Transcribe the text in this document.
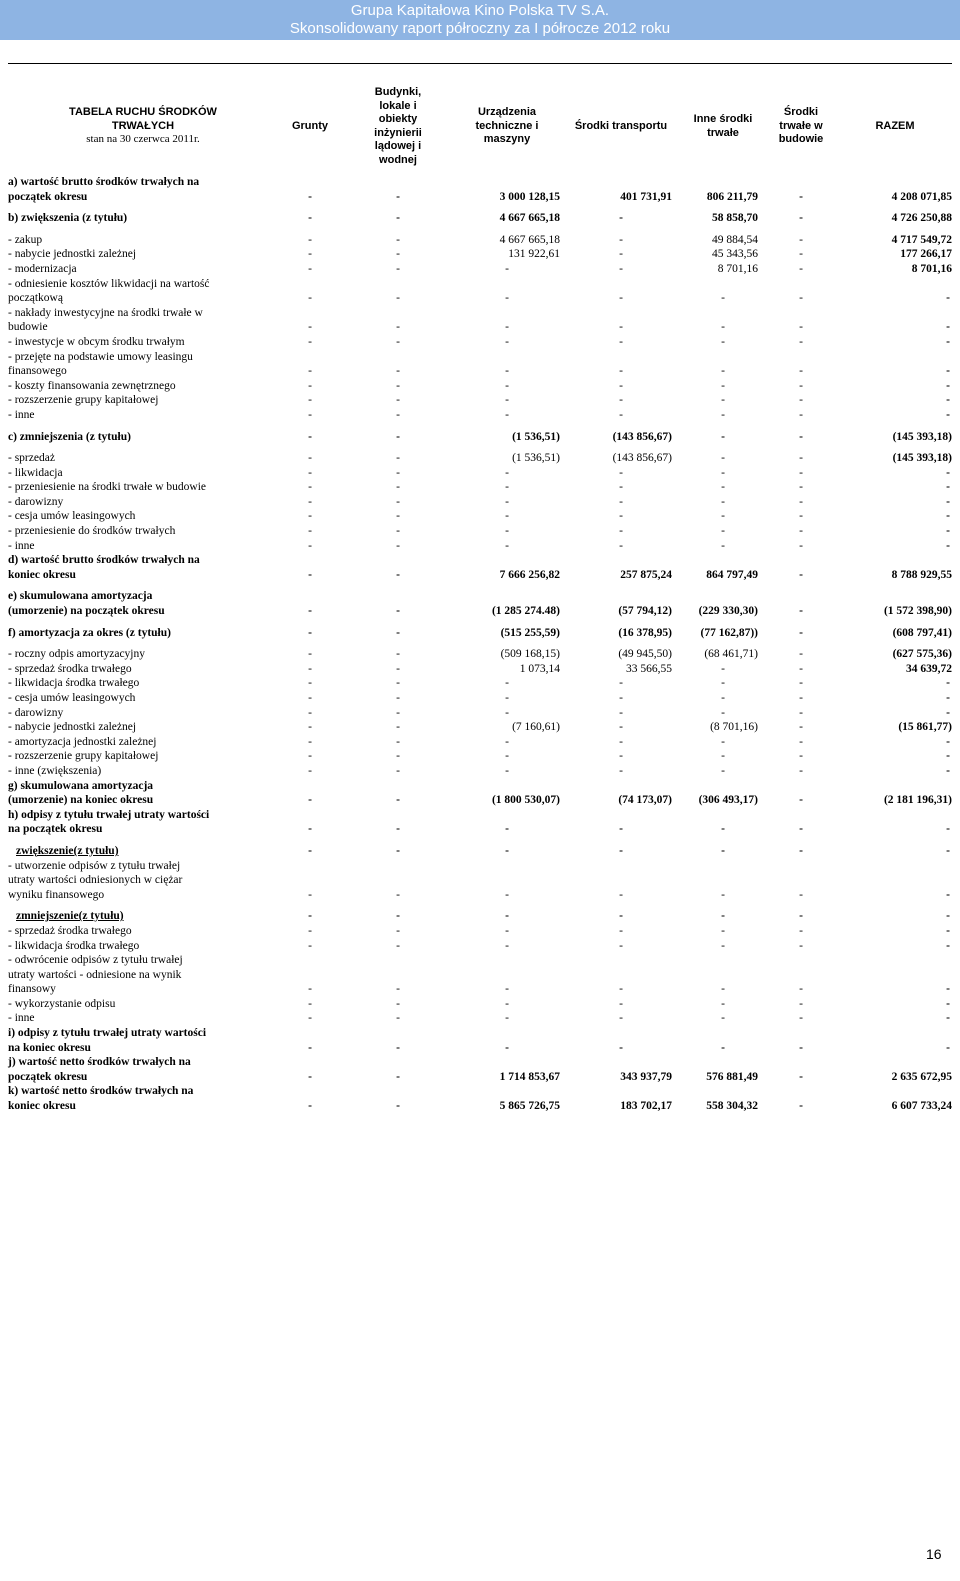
Grupa Kapitałowa Kino Polska TV S.A.
Skonsolidowany raport półroczny za I półrocze 2012 roku
TABELA RUCHU ŚRODKÓW
TRWAŁYCH
stan na 30 czerwca 2011r.	Grunty	Budynki, lokale i obiekty inżynierii lądowej i wodnej	Urządzenia techniczne i maszyny	Środki transportu	Inne środki trwałe	Środki trwałe w budowie	RAZEM

a) wartość brutto środków trwałych na
początek okresu	-	-	3 000 128,15	401 731,91	806 211,79	-	4 208 071,85

b) zwiększenia (z tytułu)	-	-	4 667 665,18	-	58 858,70	-	4 726 250,88

- zakup	-	-	4 667 665,18	-	49 884,54	-	4 717 549,72

- nabycie jednostki zależnej	-	-	131 922,61	-	45 343,56	-	177 266,17

- modernizacja	-	-	-	-	8 701,16	-	8 701,16

- odniesienie kosztów likwidacji na wartość
początkową	-	-	-	-	-	-	-

- nakłady inwestycyjne na środki trwałe w
budowie	-	-	-	-	-	-	-

- inwestycje w obcym środku trwałym	-	-	-	-	-	-	-

- przejęte na podstawie umowy leasingu
finansowego	-	-	-	-	-	-	-

- koszty finansowania zewnętrznego	-	-	-	-	-	-	-

- rozszerzenie grupy kapitałowej	-	-	-	-	-	-	-

- inne	-	-	-	-	-	-	-

c) zmniejszenia (z tytułu)	-	-	(1 536,51)	(143 856,67)	-	-	(145 393,18)

- sprzedaż	-	-	(1 536,51)	(143 856,67)	-	-	(145 393,18)

- likwidacja	-	-	-	-	-	-	-

- przeniesienie na środki trwałe w budowie	-	-	-	-	-	-	-

- darowizny	-	-	-	-	-	-	-

- cesja umów leasingowych	-	-	-	-	-	-	-

- przeniesienie do środków trwałych	-	-	-	-	-	-	-

- inne	-	-	-	-	-	-	-

d) wartość brutto środków trwałych na
koniec okresu	-	-	7 666 256,82	257 875,24	864 797,49	-	8 788 929,55

e) skumulowana amortyzacja
(umorzenie) na początek okresu	-	-	(1 285 274.48)	(57 794,12)	(229 330,30)	-	(1 572 398,90)

f) amortyzacja za okres (z tytułu)	-	-	(515 255,59)	(16 378,95)	(77 162,87))	-	(608 797,41)

- roczny odpis amortyzacyjny	-	-	(509 168,15)	(49 945,50)	(68 461,71)	-	(627 575,36)

- sprzedaż środka trwałego	-	-	1 073,14	33 566,55	-	-	34 639,72

- likwidacja środka trwałego	-	-	-	-	-	-	-

- cesja umów leasingowych	-	-	-	-	-	-	-

- darowizny	-	-	-	-	-	-	-

- nabycie jednostki zależnej	-	-	(7 160,61)	-	(8 701,16)	-	(15 861,77)

- amortyzacja jednostki zależnej	-	-	-	-	-	-	-

- rozszerzenie grupy kapitałowej	-	-	-	-	-	-	-

- inne (zwiększenia)	-	-	-	-	-	-	-

g) skumulowana amortyzacja
(umorzenie) na koniec okresu	-	-	(1 800 530,07)	(74 173,07)	(306 493,17)	-	(2 181 196,31)

h) odpisy z tytułu trwałej utraty wartości
na początek okresu	-	-	-	-	-	-	-

zwiększenie(z tytułu)	-	-	-	-	-	-	-

- utworzenie odpisów z tytułu trwałej
utraty wartości odniesionych w ciężar
wyniku finansowego	-	-	-	-	-	-	-

zmniejszenie(z tytułu)	-	-	-	-	-	-	-

- sprzedaż środka trwałego	-	-	-	-	-	-	-

- likwidacja środka trwałego	-	-	-	-	-	-	-

- odwrócenie odpisów z tytułu trwałej
utraty wartości - odniesione na wynik
finansowy	-	-	-	-	-	-	-

- wykorzystanie odpisu	-	-	-	-	-	-	-

- inne	-	-	-	-	-	-	-

i) odpisy z tytułu trwałej utraty wartości
na koniec okresu	-	-	-	-	-	-	-

j) wartość netto środków trwałych na
początek okresu	-	-	1 714 853,67	343 937,79	576 881,49	-	2 635 672,95

k) wartość netto środków trwałych na
koniec okresu	-	-	5 865 726,75	183 702,17	558 304,32	-	6 607 733,24
16
